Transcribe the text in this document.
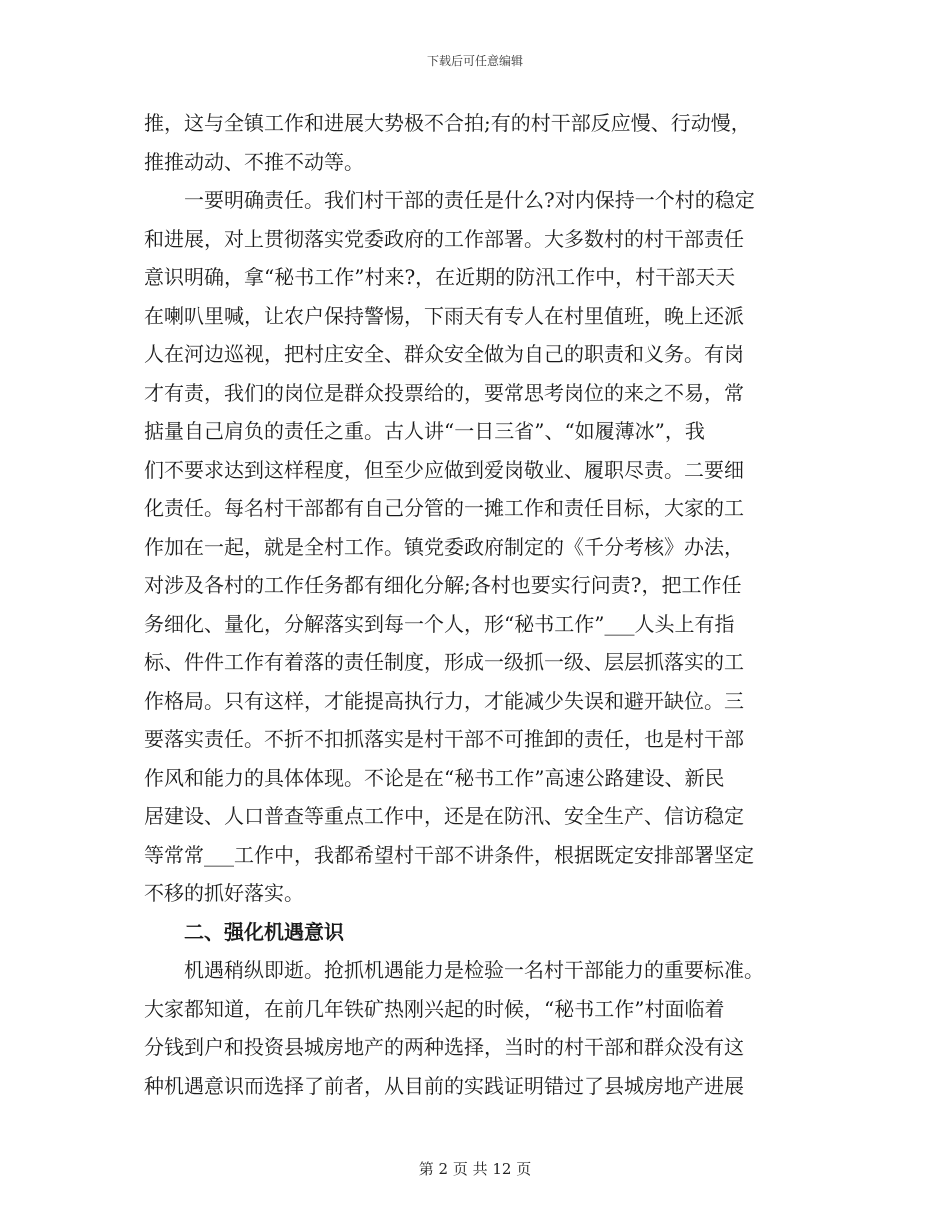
下载后可任意编辑
推，这与全镇工作和进展大势极不合拍;有的村干部反应慢、行动慢，
推推动动、不推不动等。
一要明确责任。我们村干部的责任是什么?对内保持一个村的稳定
和进展，对上贯彻落实党委政府的工作部署。大多数村的村干部责任
意识明确，拿“秘书工作”村来?，在近期的防汛工作中，村干部天天
在喇叭里喊，让农户保持警惕，下雨天有专人在村里值班，晚上还派
人在河边巡视，把村庄安全、群众安全做为自己的职责和义务。有岗
才有责，我们的岗位是群众投票给的，要常思考岗位的来之不易，常
掂量自己肩负的责任之重。古人讲“一日三省”、“如履薄冰”，我
们不要求达到这样程度，但至少应做到爱岗敬业、履职尽责。二要细
化责任。每名村干部都有自己分管的一摊工作和责任目标，大家的工
作加在一起，就是全村工作。镇党委政府制定的《千分考核》办法，
对涉及各村的工作任务都有细化分解;各村也要实行问责?，把工作任
务细化、量化，分解落实到每一个人，形“秘书工作”___人头上有指
标、件件工作有着落的责任制度，形成一级抓一级、层层抓落实的工
作格局。只有这样，才能提高执行力，才能减少失误和避开缺位。三
要落实责任。不折不扣抓落实是村干部不可推卸的责任，也是村干部
作风和能力的具体体现。不论是在“秘书工作”高速公路建设、新民
居建设、人口普查等重点工作中，还是在防汛、安全生产、信访稳定
等常常___工作中，我都希望村干部不讲条件，根据既定安排部署坚定
不移的抓好落实。
二、强化机遇意识
机遇稍纵即逝。抢抓机遇能力是检验一名村干部能力的重要标准。
大家都知道，在前几年铁矿热刚兴起的时候，“秘书工作”村面临着
分钱到户和投资县城房地产的两种选择，当时的村干部和群众没有这
种机遇意识而选择了前者，从目前的实践证明错过了县城房地产进展
第 2 页 共 12 页
